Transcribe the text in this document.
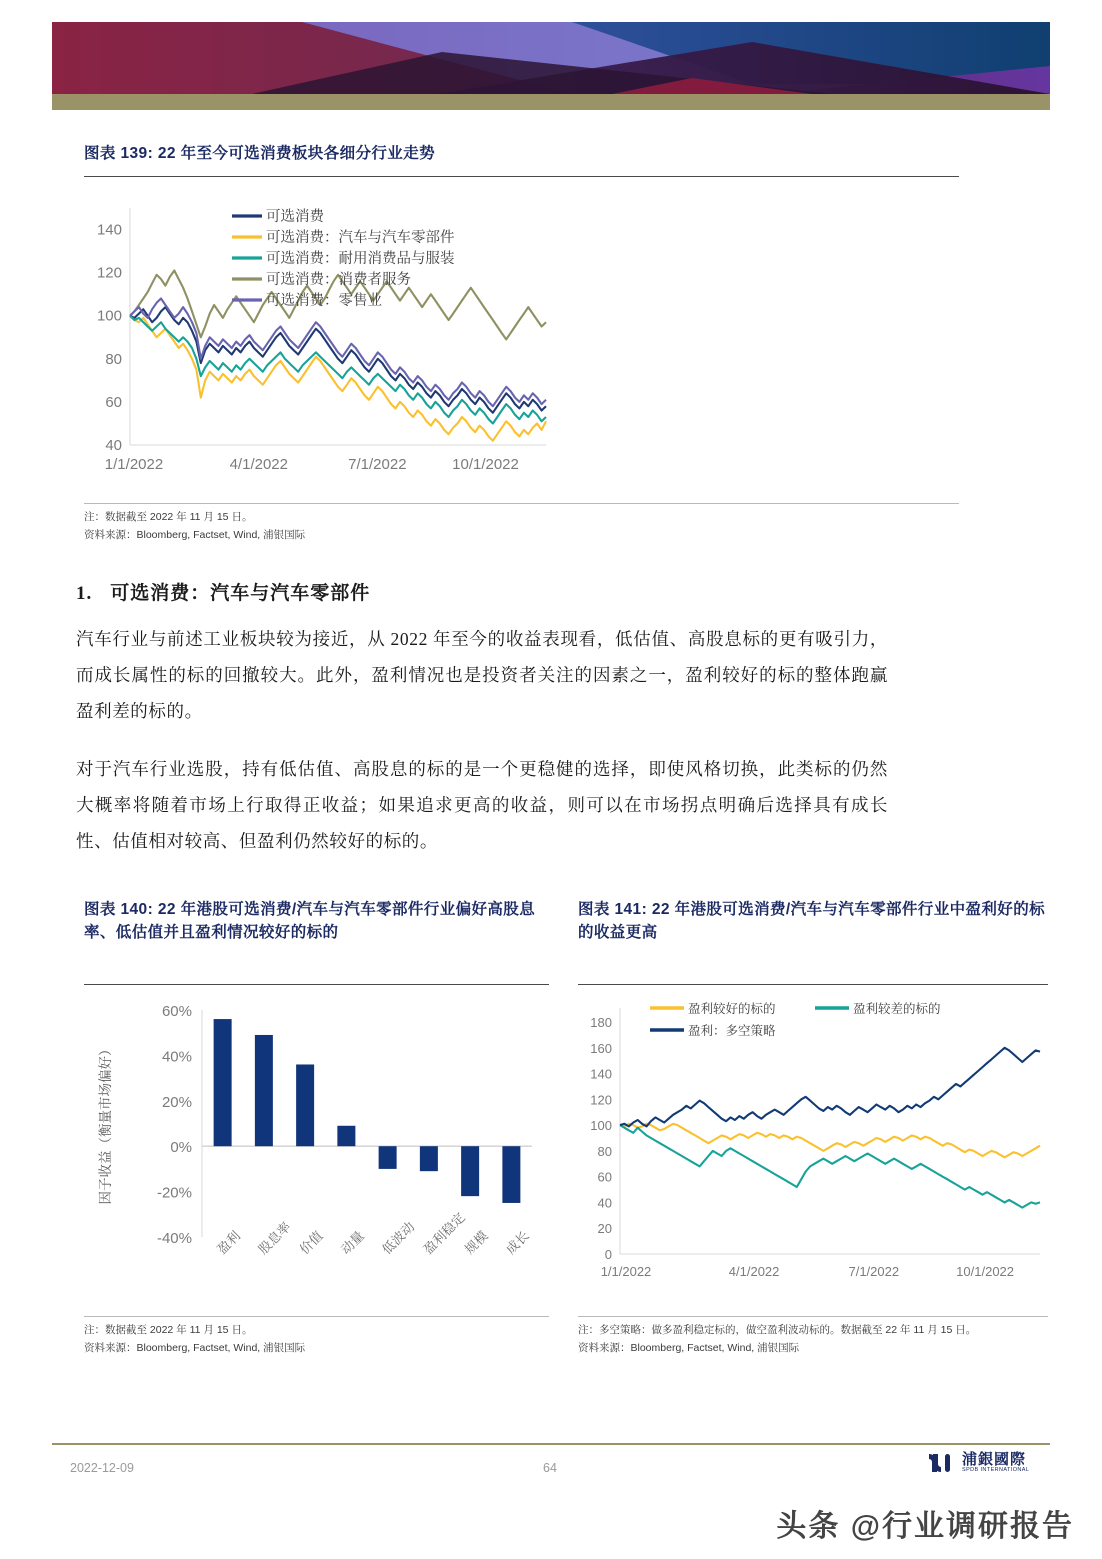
图表 139: 22 年至今可选消费板块各细分行业走势
40
60
80
100
120
140
1/1/2022	4/1/2022	7/1/2022	10/1/2022
可选消费
可选消费：汽车与汽车零部件
可选消费：耐用消费品与服装
可选消费：消费者服务
可选消费：零售业
注：数据截至 2022 年 11 月 15 日。
资料来源：Bloomberg, Factset, Wind, 浦银国际
1. 可选消费：汽车与汽车零部件
汽车行业与前述工业板块较为接近，从 2022 年至今的收益表现看，低估值、高股息标的更有吸引力，而成长属性的标的回撤较大。此外，盈利情况也是投资者关注的因素之一，盈利较好的标的整体跑赢盈利差的标的。
对于汽车行业选股，持有低估值、高股息的标的是一个更稳健的选择，即使风格切换，此类标的仍然大概率将随着市场上行取得正收益；如果追求更高的收益，则可以在市场拐点明确后选择具有成长性、估值相对较高、但盈利仍然较好的标的。
图表 140: 22 年港股可选消费/汽车与汽车零部件行业偏好高股息率、低估值并且盈利情况较好的标的
-40%
-20%
0%
20%
40%
60%
盈利 股息率 价值 动量 低波动 盈利稳定
规模 成长
因子收益（衡量市场偏好）
注：数据截至 2022 年 11 月 15 日。
资料来源：Bloomberg, Factset, Wind, 浦银国际
图表 141: 22 年港股可选消费/汽车与汽车零部件行业中盈利好的标的收益更高
0
20
40
60
80
100
120
140
160
180
1/1/2022	4/1/2022	7/1/2022	10/1/2022
盈利较好的标的	盈利较差的标的
盈利：多空策略
注：多空策略：做多盈利稳定标的，做空盈利波动标的。数据截至 22 年 11 月 15 日。
资料来源：Bloomberg, Factset, Wind, 浦银国际
2022-12-09	64	浦銀國際
SPDB INTERNATIONAL
头条 @行业调研报告
